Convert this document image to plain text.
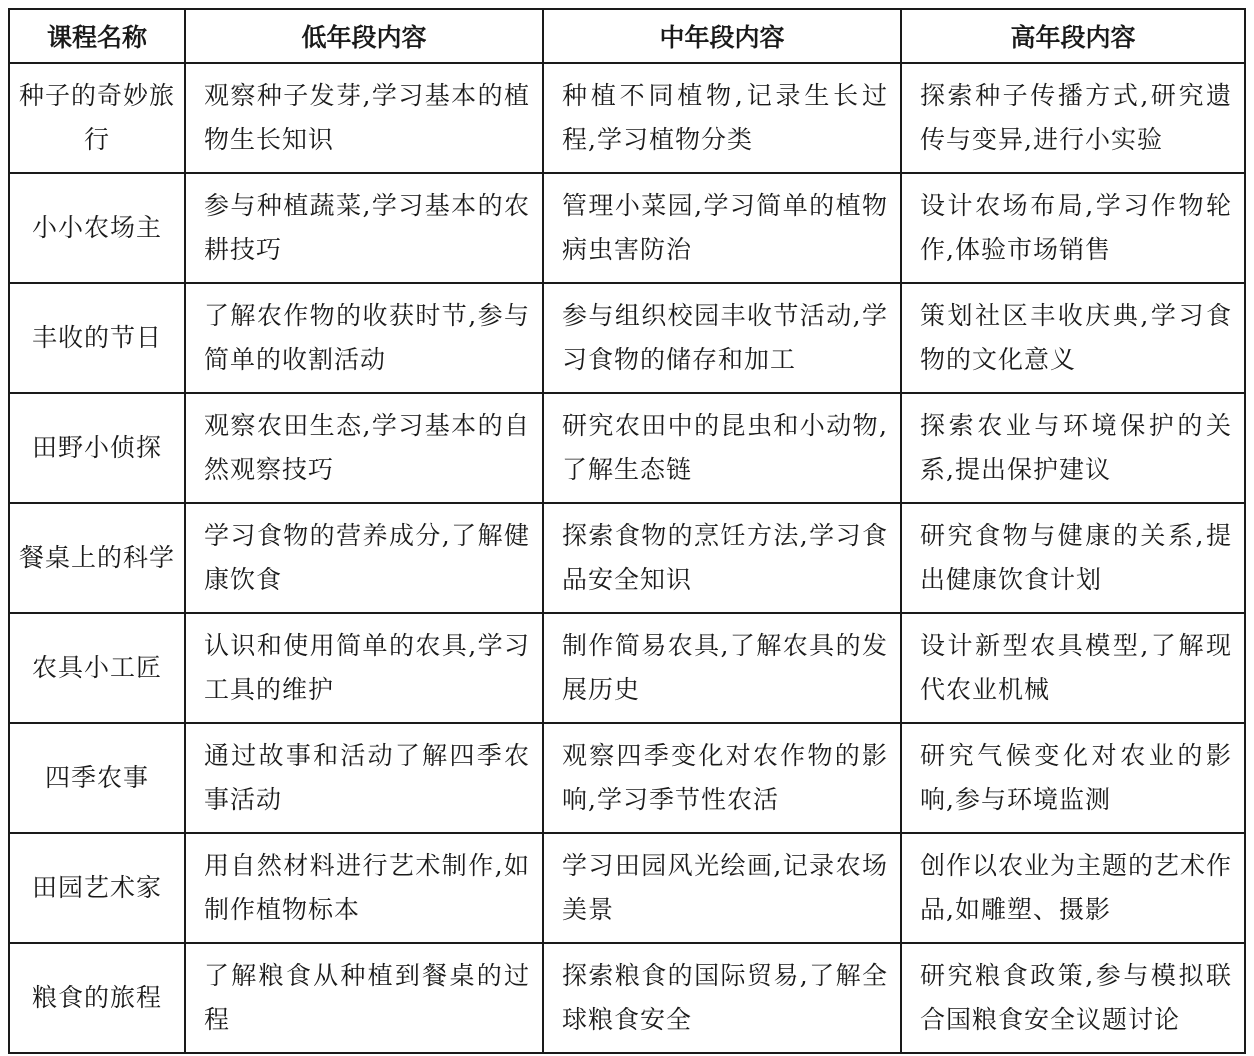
课程名称	低年段内容	中年段内容	高年段内容
种子的奇妙旅行	观察种子发芽,学习基本的植物生长知识	种植不同植物,记录生长过程,学习植物分类	探索种子传播方式,研究遗传与变异,进行小实验
小小农场主	参与种植蔬菜,学习基本的农耕技巧	管理小菜园,学习简单的植物病虫害防治	设计农场布局,学习作物轮作,体验市场销售
丰收的节日	了解农作物的收获时节,参与简单的收割活动	参与组织校园丰收节活动,学习食物的储存和加工	策划社区丰收庆典,学习食物的文化意义
田野小侦探	观察农田生态,学习基本的自然观察技巧	研究农田中的昆虫和小动物,了解生态链	探索农业与环境保护的关系,提出保护建议
餐桌上的科学	学习食物的营养成分,了解健康饮食	探索食物的烹饪方法,学习食品安全知识	研究食物与健康的关系,提出健康饮食计划
农具小工匠	认识和使用简单的农具,学习工具的维护	制作简易农具,了解农具的发展历史	设计新型农具模型,了解现代农业机械
四季农事	通过故事和活动了解四季农事活动	观察四季变化对农作物的影响,学习季节性农活	研究气候变化对农业的影响,参与环境监测
田园艺术家	用自然材料进行艺术制作,如制作植物标本	学习田园风光绘画,记录农场美景	创作以农业为主题的艺术作品,如雕塑、摄影
粮食的旅程	了解粮食从种植到餐桌的过程	探索粮食的国际贸易,了解全球粮食安全	研究粮食政策,参与模拟联合国粮食安全议题讨论
